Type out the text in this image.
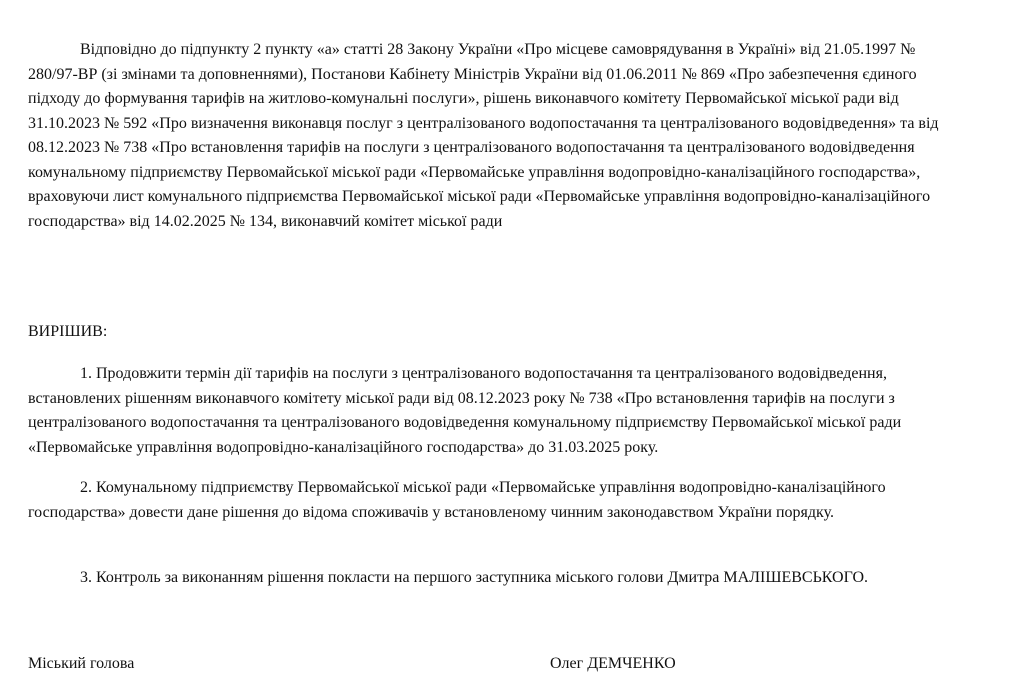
Відповідно до підпункту 2 пункту «а» статті 28 Закону України «Про місцеве самоврядування в Україні» від 21.05.1997 № 280/97-ВР (зі змінами та доповненнями), Постанови Кабінету Міністрів України від 01.06.2011 № 869 «Про забезпечення єдиного підходу до формування тарифів на житлово-комунальні послуги», рішень виконавчого комітету Первомайської міської ради від 31.10.2023 № 592 «Про визначення виконавця послуг з централізованого водопостачання та централізованого водовідведення» та від 08.12.2023 № 738 «Про встановлення тарифів на послуги з централізованого водопостачання та централізованого водовідведення комунальному підприємству Первомайської міської ради «Первомайське управління водопровідно-каналізаційного господарства», враховуючи лист комунального підприємства Первомайської міської ради «Первомайське управління водопровідно-каналізаційного господарства» від 14.02.2025 № 134, виконавчий комітет міської ради

ВИРІШИВ:

1. Продовжити термін дії тарифів на послуги з централізованого водопостачання та централізованого водовідведення, встановлених рішенням виконавчого комітету міської ради від 08.12.2023 року № 738 «Про встановлення тарифів на послуги з централізованого водопостачання та централізованого водовідведення комунальному підприємству Первомайської міської ради «Первомайське управління водопровідно-каналізаційного господарства» до 31.03.2025 року.

2. Комунальному підприємству Первомайської міської ради «Первомайське управління водопровідно-каналізаційного господарства» довести дане рішення до відома споживачів у встановленому чинним законодавством України порядку.

3. Контроль за виконанням рішення покласти на першого заступника міського голови Дмитра МАЛІШЕВСЬКОГО.

Міський голова	Олег ДЕМЧЕНКО
